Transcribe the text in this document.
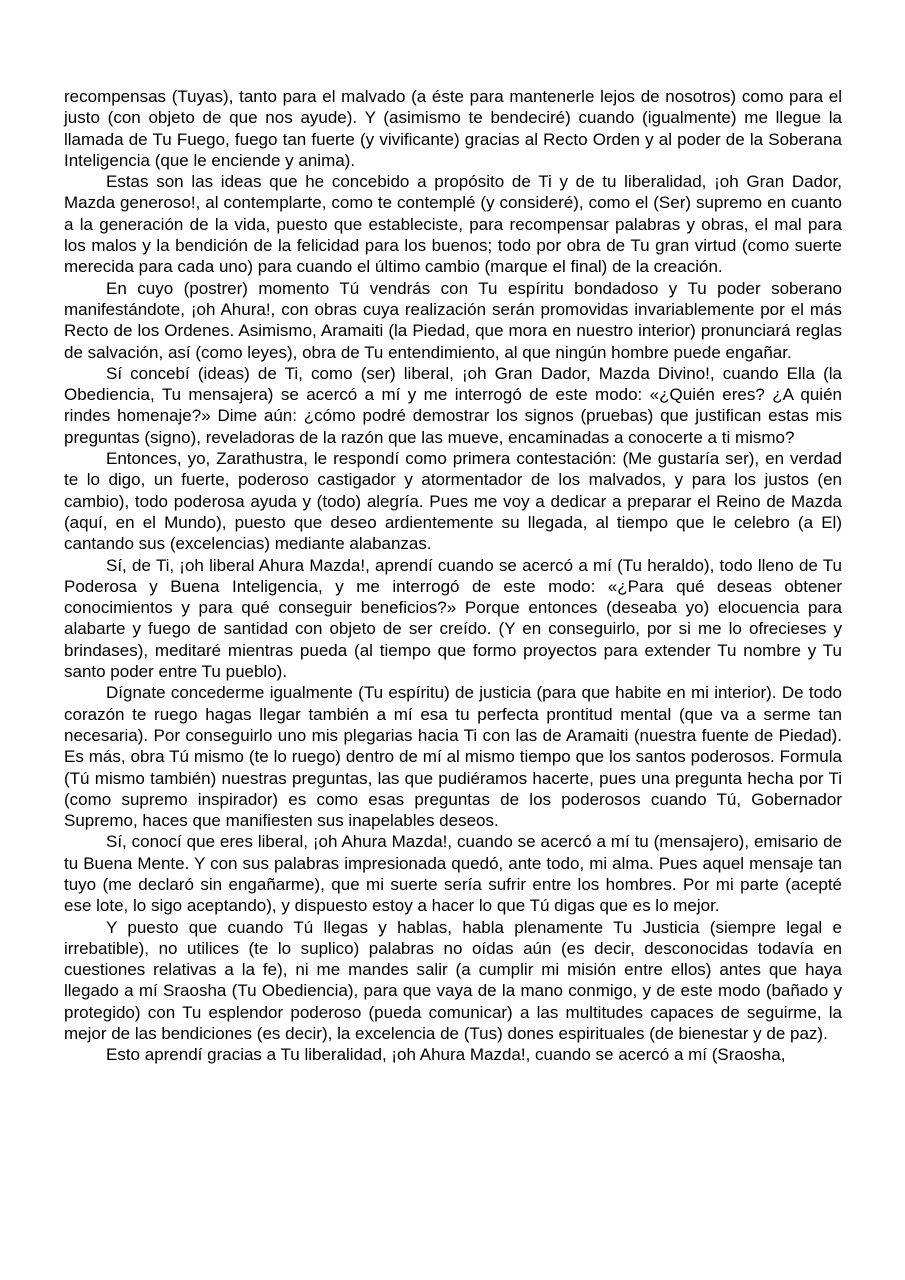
recompensas (Tuyas), tanto para el malvado (a éste para mantenerle lejos de nosotros) como para el justo (con objeto de que nos ayude). Y (asimismo te bendeciré) cuando (igualmente) me llegue la llamada de Tu Fuego, fuego tan fuerte (y vivificante) gracias al Recto Orden y al poder de la Soberana Inteligencia (que le enciende y anima).

Estas son las ideas que he concebido a propósito de Ti y de tu liberalidad, ¡oh Gran Dador, Mazda generoso!, al contemplarte, como te contemplé (y consideré), como el (Ser) supremo en cuanto a la generación de la vida, puesto que estableciste, para recompensar palabras y obras, el mal para los malos y la bendición de la felicidad para los buenos; todo por obra de Tu gran virtud (como suerte merecida para cada uno) para cuando el último cambio (marque el final) de la creación.

En cuyo (postrer) momento Tú vendrás con Tu espíritu bondadoso y Tu poder soberano manifestándote, ¡oh Ahura!, con obras cuya realización serán promovidas invariablemente por el más Recto de los Ordenes. Asimismo, Aramaiti (la Piedad, que mora en nuestro interior) pronunciará reglas de salvación, así (como leyes), obra de Tu entendimiento, al que ningún hombre puede engañar.

Sí concebí (ideas) de Ti, como (ser) liberal, ¡oh Gran Dador, Mazda Divino!, cuando Ella (la Obediencia, Tu mensajera) se acercó a mí y me interrogó de este modo: «¿Quién eres? ¿A quién rindes homenaje?» Dime aún: ¿cómo podré demostrar los signos (pruebas) que justifican estas mis preguntas (signo), reveladoras de la razón que las mueve, encaminadas a conocerte a ti mismo?

Entonces, yo, Zarathustra, le respondí como primera contestación: (Me gustaría ser), en verdad te lo digo, un fuerte, poderoso castigador y atormentador de los malvados, y para los justos (en cambio), todo poderosa ayuda y (todo) alegría. Pues me voy a dedicar a preparar el Reino de Mazda (aquí, en el Mundo), puesto que deseo ardientemente su llegada, al tiempo que le celebro (a El) cantando sus (excelencias) mediante alabanzas.

Sí, de Ti, ¡oh liberal Ahura Mazda!, aprendí cuando se acercó a mí (Tu heraldo), todo lleno de Tu Poderosa y Buena Inteligencia, y me interrogó de este modo: «¿Para qué deseas obtener conocimientos y para qué conseguir beneficios?» Porque entonces (deseaba yo) elocuencia para alabarte y fuego de santidad con objeto de ser creído. (Y en conseguirlo, por si me lo ofrecieses y brindases), meditaré mientras pueda (al tiempo que formo proyectos para extender Tu nombre y Tu santo poder entre Tu pueblo).

Dígnate concederme igualmente (Tu espíritu) de justicia (para que habite en mi interior). De todo corazón te ruego hagas llegar también a mí esa tu perfecta prontitud mental (que va a serme tan necesaria). Por conseguirlo uno mis plegarias hacia Ti con las de Aramaiti (nuestra fuente de Piedad). Es más, obra Tú mismo (te lo ruego) dentro de mí al mismo tiempo que los santos poderosos. Formula (Tú mismo también) nuestras preguntas, las que pudiéramos hacerte, pues una pregunta hecha por Ti (como supremo inspirador) es como esas preguntas de los poderosos cuando Tú, Gobernador Supremo, haces que manifiesten sus inapelables deseos.

Sí, conocí que eres liberal, ¡oh Ahura Mazda!, cuando se acercó a mí tu (mensajero), emisario de tu Buena Mente. Y con sus palabras impresionada quedó, ante todo, mi alma. Pues aquel mensaje tan tuyo (me declaró sin engañarme), que mi suerte sería sufrir entre los hombres. Por mi parte (acepté ese lote, lo sigo aceptando), y dispuesto estoy a hacer lo que Tú digas que es lo mejor.

Y puesto que cuando Tú llegas y hablas, habla plenamente Tu Justicia (siempre legal e irrebatible), no utilices (te lo suplico) palabras no oídas aún (es decir, desconocidas todavía en cuestiones relativas a la fe), ni me mandes salir (a cumplir mi misión entre ellos) antes que haya llegado a mí Sraosha (Tu Obediencia), para que vaya de la mano conmigo, y de este modo (bañado y protegido) con Tu esplendor poderoso (pueda comunicar) a las multitudes capaces de seguirme, la mejor de las bendiciones (es decir), la excelencia de (Tus) dones espirituales (de bienestar y de paz).

Esto aprendí gracias a Tu liberalidad, ¡oh Ahura Mazda!, cuando se acercó a mí (Sraosha,
